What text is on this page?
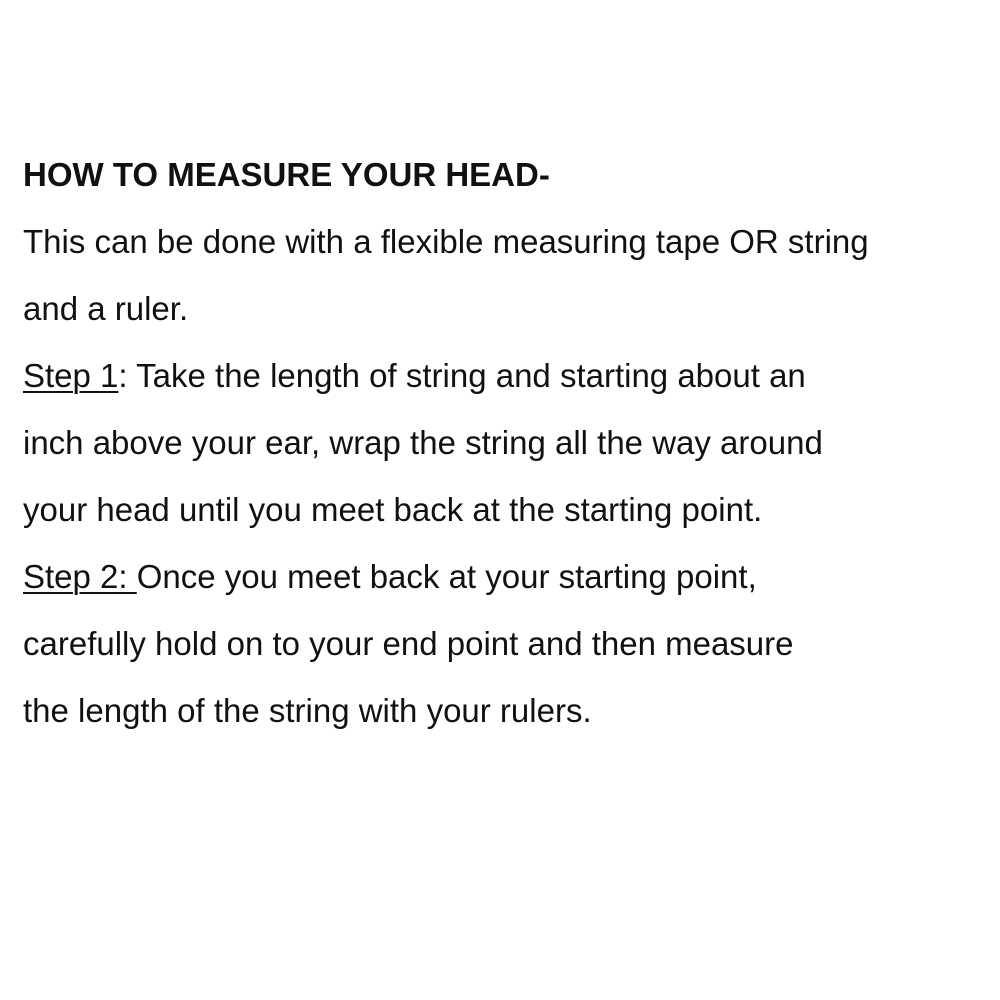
HOW TO MEASURE YOUR HEAD-
This can be done with a flexible measuring tape OR string
and a ruler.
Step 1: Take the length of string and starting about an
inch above your ear, wrap the string all the way around
your head until you meet back at the starting point.
Step 2: Once you meet back at your starting point,
carefully hold on to your end point and then measure
the length of the string with your rulers.
